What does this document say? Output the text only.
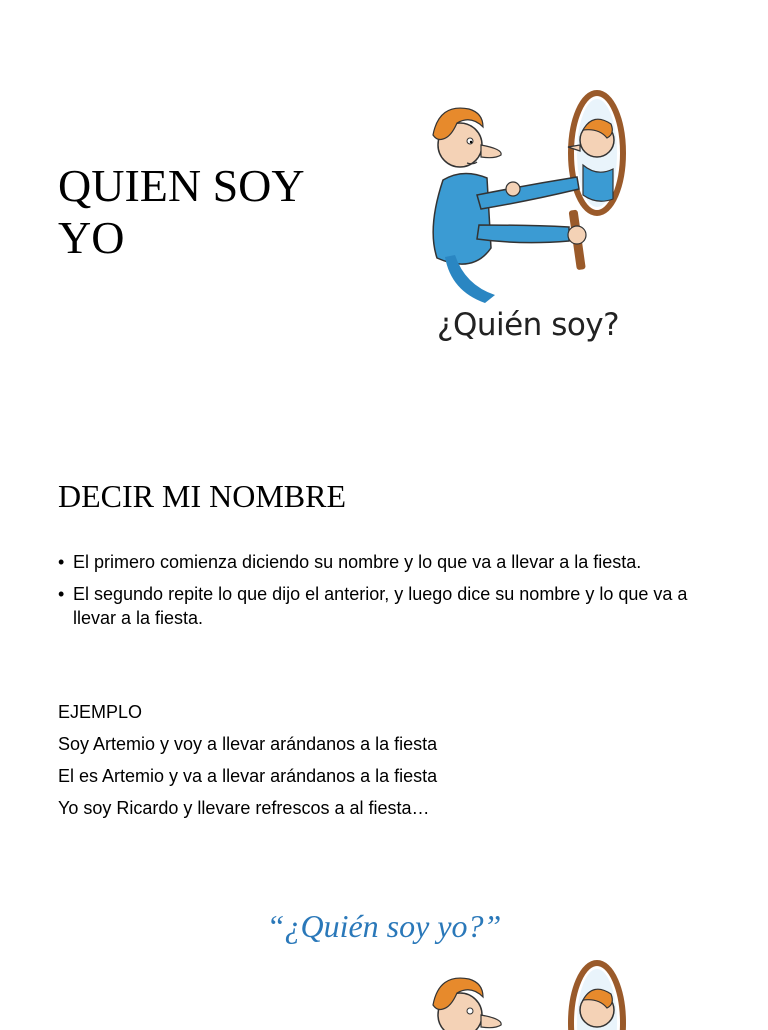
QUIEN SOY
YO
¿Quién soy?
DECIR MI NOMBRE
• El primero comienza diciendo su nombre y lo que va a llevar a la fiesta.
• El segundo repite lo que dijo el anterior, y luego dice su nombre y lo que va a llevar a la fiesta.
EJEMPLO
Soy Artemio y voy a llevar arándanos a la fiesta
El es Artemio y va a llevar arándanos a la fiesta
Yo soy Ricardo y llevare refrescos a al fiesta…
“¿Quién soy yo?”
